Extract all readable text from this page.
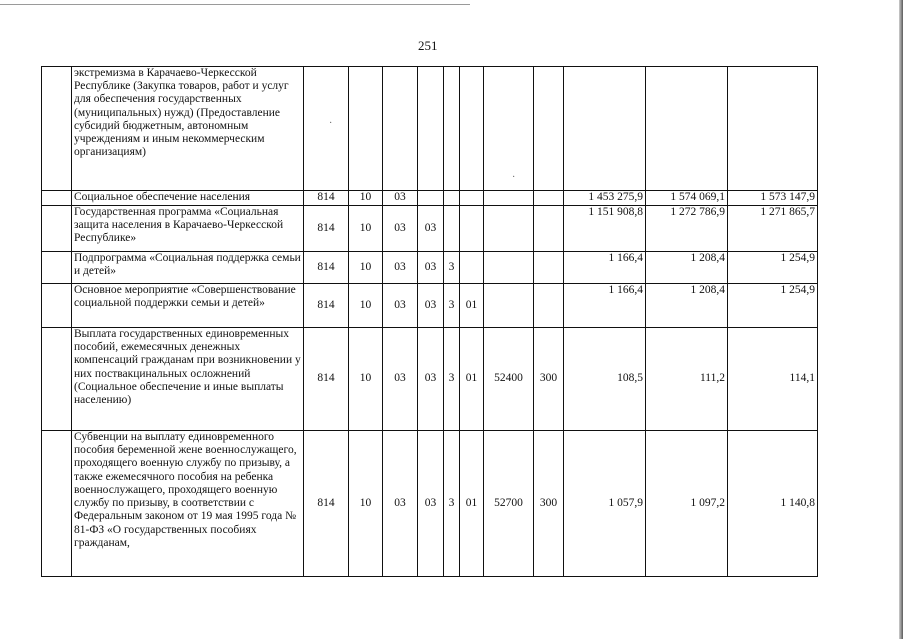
251
	экстремизма в Карачаево-Черкесской Республике (Закупка товаров, работ и услуг для обеспечения государственных (муниципальных) нужд) (Предоставление субсидий бюджетным, автономным учреждениям и иным некоммерческим организациям)											
	Социальное обеспечение населения	814	10	03						1 453 275,9	1 574 069,1	1 573 147,9
	Государственная программа «Социальная защита населения в Карачаево-Черкесской Республике»	814	10	03	03					1 151 908,8	1 272 786,9	1 271 865,7
	Подпрограмма «Социальная поддержка семьи и детей»	814	10	03	03	3				1 166,4	1 208,4	1 254,9
	Основное мероприятие «Совершенствование социальной поддержки семьи и детей»	814	10	03	03	3	01			1 166,4	1 208,4	1 254,9
	Выплата государственных единовременных пособий, ежемесячных денежных компенсаций гражданам при возникновении у них поствакцинальных осложнений (Социальное обеспечение и иные выплаты населению)	814	10	03	03	3	01	52400	300	108,5	111,2	114,1
	Субвенции на выплату единовременного пособия беременной жене военнослужащего, проходящего военную службу по призыву, а также ежемесячного пособия на ребенка военнослужащего, проходящего военную службу по призыву, в соответствии с Федеральным законом от 19 мая 1995 года № 81-ФЗ «О государственных пособиях гражданам,	814	10	03	03	3	01	52700	300	1 057,9	1 097,2	1 140,8
·
·
